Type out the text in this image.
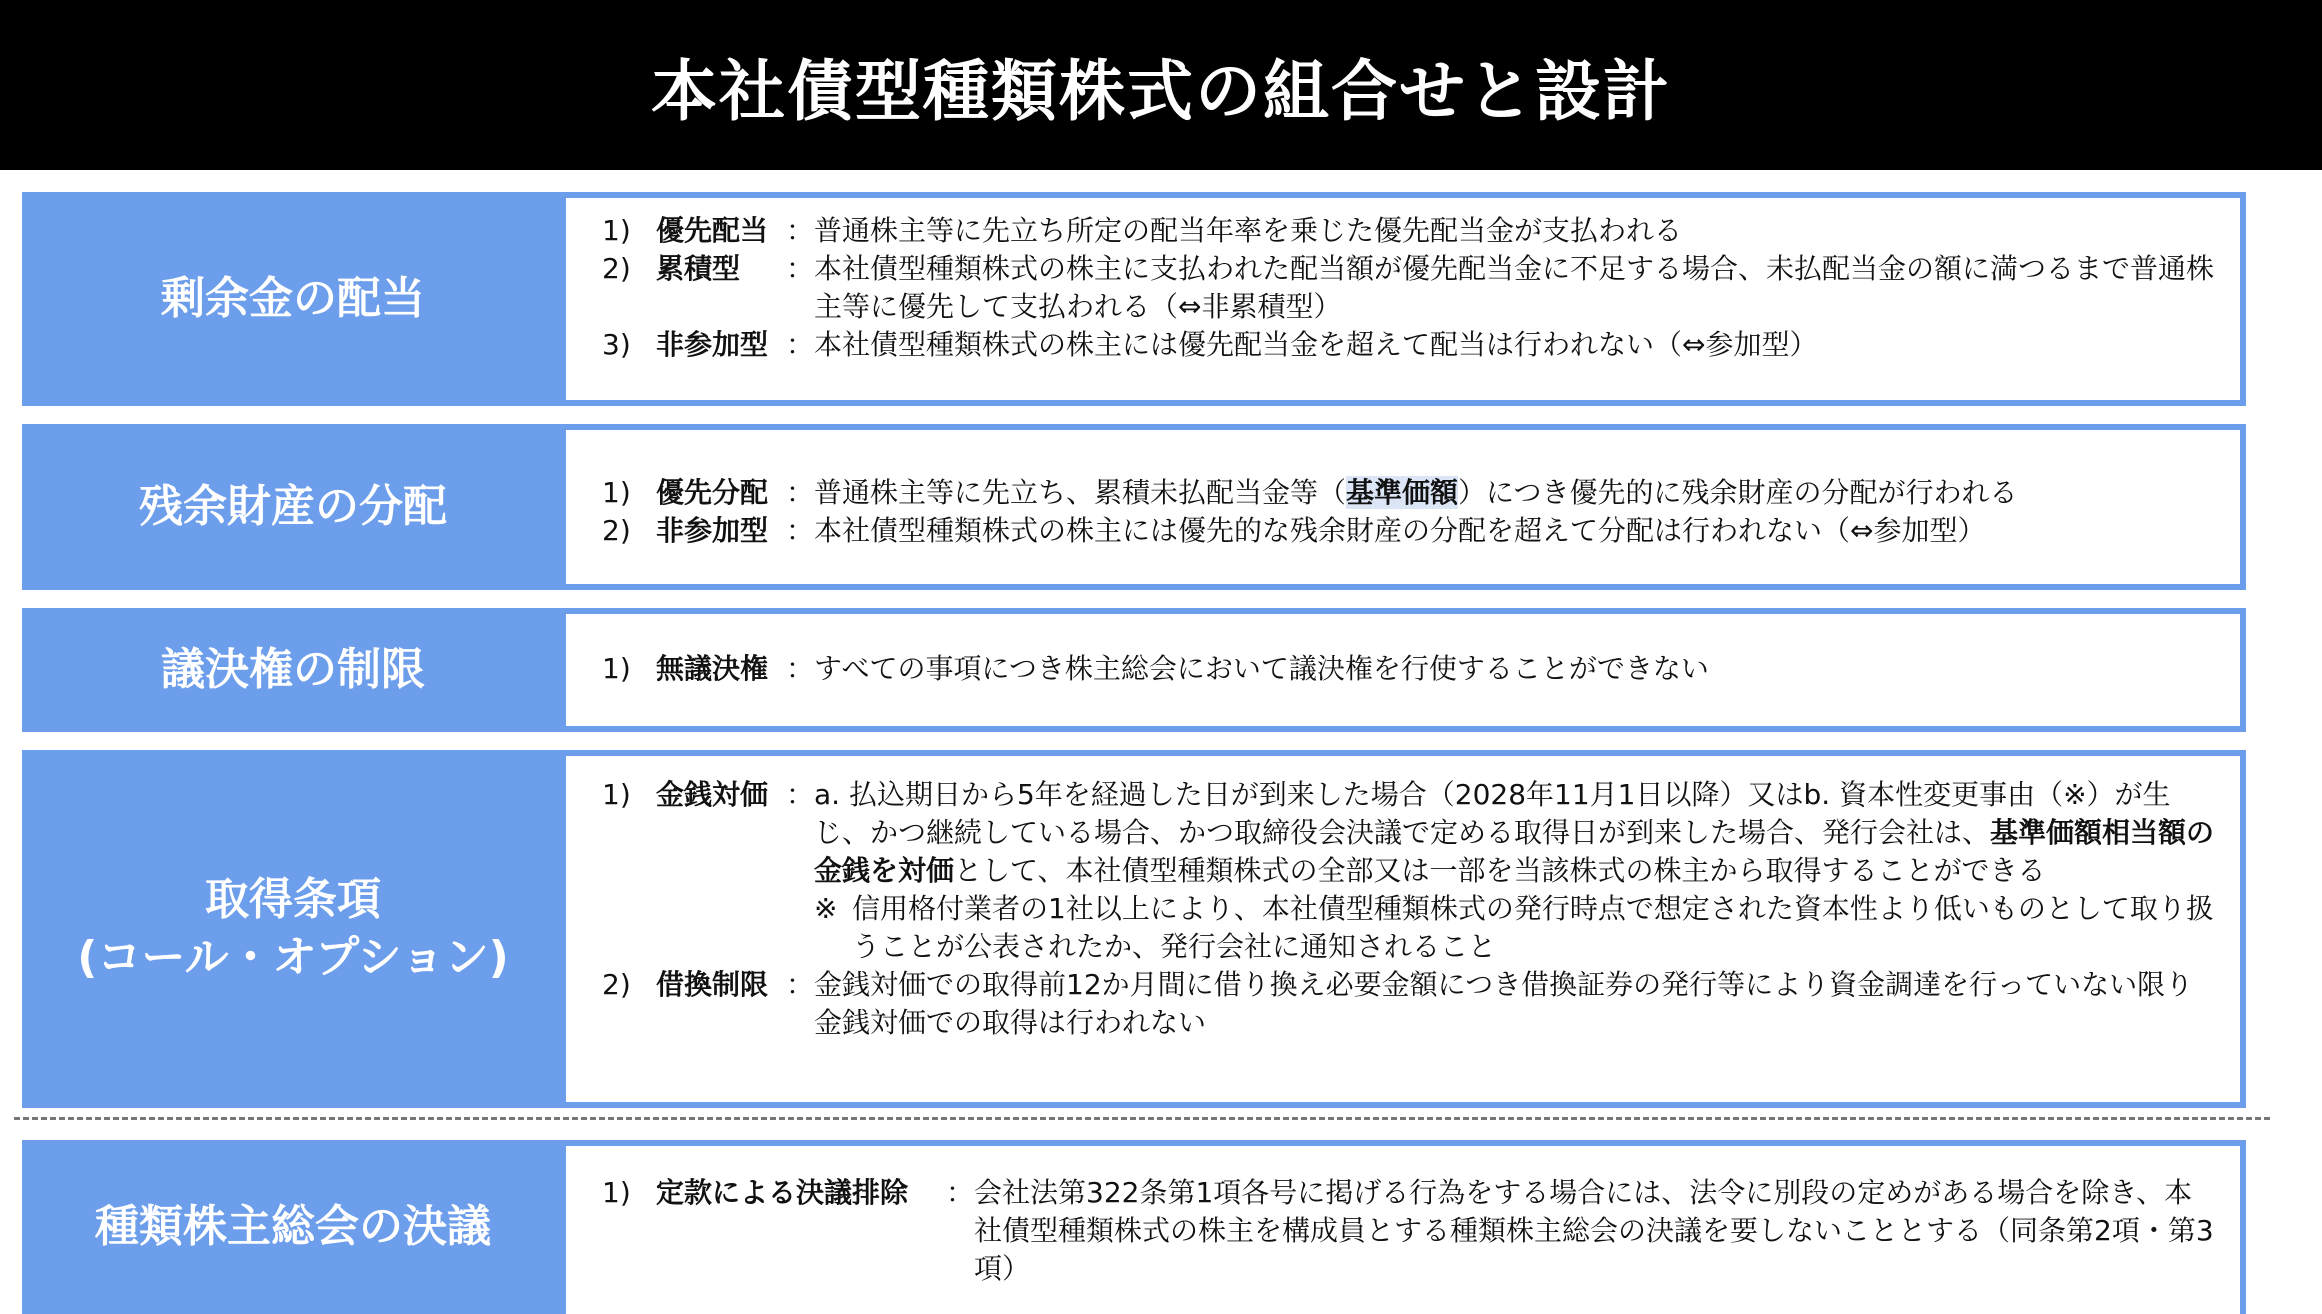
本社債型種類株式の組合せと設計
剰余金の配当
1) 優先配当 ： 普通株主等に先立ち所定の配当年率を乗じた優先配当金が支払われる
2) 累積型	： 本社債型種類株式の株主に支払われた配当額が優先配当金に不足する場合、未払配当金の額に満つるまで普通株主等に優先して支払われる（⇔非累積型）
3) 非参加型 ： 本社債型種類株式の株主には優先配当金を超えて配当は行われない（⇔参加型）
残余財産の分配	1) 優先分配 ： 普通株主等に先立ち、累積未払配当金等（基準価額）につき優先的に残余財産の分配が行われる
2) 非参加型 ： 本社債型種類株式の株主には優先的な残余財産の分配を超えて分配は行われない（⇔参加型）
議決権の制限	1) 無議決権 ： すべての事項につき株主総会において議決権を行使することができない
取得条項
(コール・オプション)
1) 金銭対価 ： a. 払込期日から5年を経過した日が到来した場合（2028年11月1日以降）又はb. 資本性変更事由（※）が生じ、かつ継続している場合、かつ取締役会決議で定める取得日が到来した場合、発行会社は、基準価額相当額の金銭を対価として、本社債型種類株式の全部又は一部を当該株式の株主から取得することができる
※ 信用格付業者の1社以上により、本社債型種類株式の発行時点で想定された資本性より低いものとして取り扱うことが公表されたか、発行会社に通知されること
2) 借換制限 ： 金銭対価での取得前12か月間に借り換え必要金額につき借換証券の発行等により資金調達を行っていない限り金銭対価での取得は行われない
種類株主総会の決議
1) 定款による決議排除	： 会社法第322条第1項各号に掲げる行為をする場合には、法令に別段の定めがある場合を除き、本社債型種類株式の株主を構成員とする種類株主総会の決議を要しないこととする（同条第2項・第3項）
